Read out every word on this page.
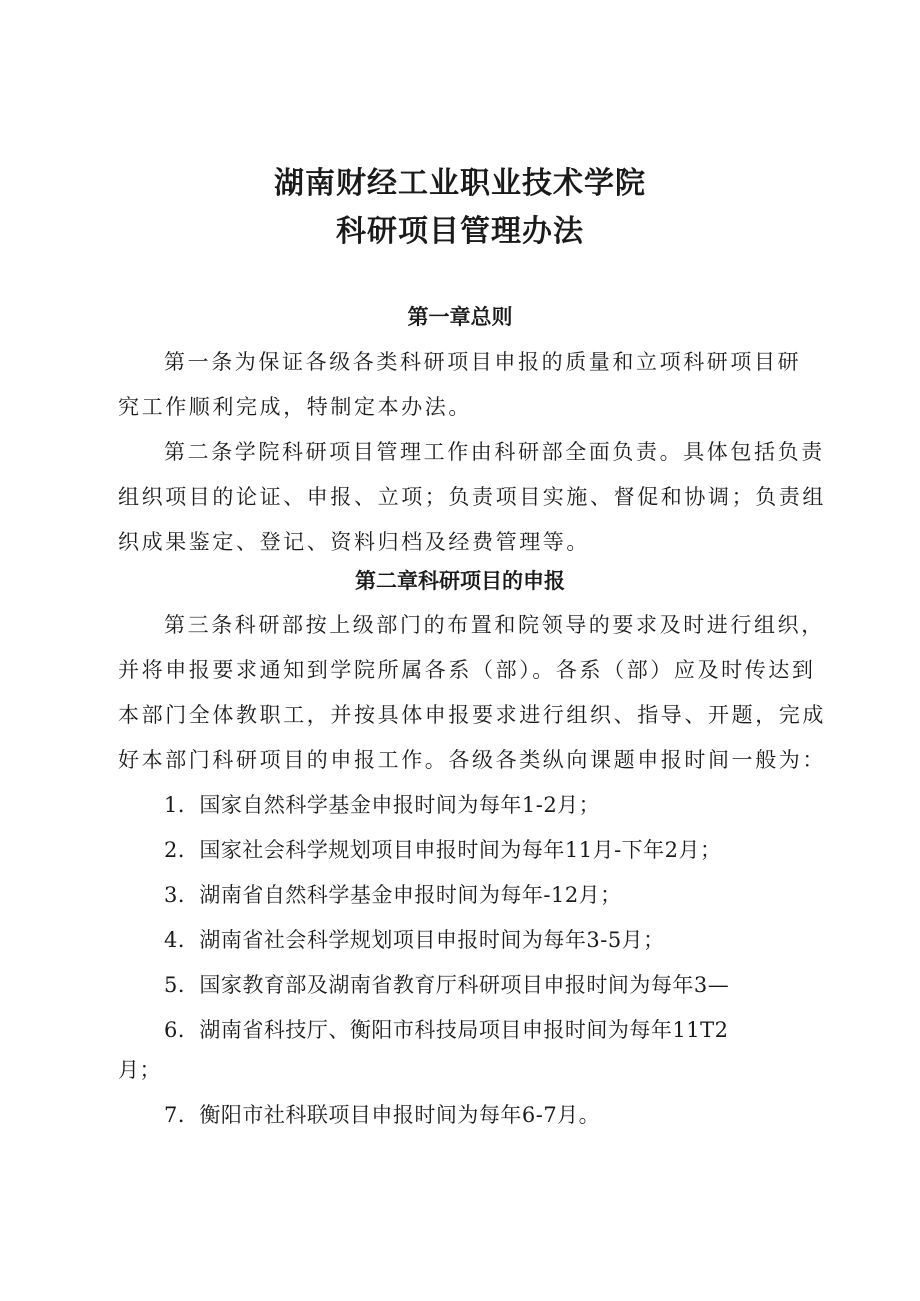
湖南财经工业职业技术学院
科研项目管理办法
第一章总则
第一条为保证各级各类科研项目申报的质量和立项科研项目研
究工作顺利完成，特制定本办法。
第二条学院科研项目管理工作由科研部全面负责。具体包括负责
组织项目的论证、申报、立项；负责项目实施、督促和协调；负责组
织成果鉴定、登记、资料归档及经费管理等。
第二章科研项目的申报
第三条科研部按上级部门的布置和院领导的要求及时进行组织，
并将申报要求通知到学院所属各系（部）。各系（部）应及时传达到
本部门全体教职工，并按具体申报要求进行组织、指导、开题，完成
好本部门科研项目的申报工作。各级各类纵向课题申报时间一般为：
1．国家自然科学基金申报时间为每年1-2月；
2．国家社会科学规划项目申报时间为每年11月-下年2月；
3．湖南省自然科学基金申报时间为每年-12月；
4．湖南省社会科学规划项目申报时间为每年3-5月；
5．国家教育部及湖南省教育厅科研项目申报时间为每年3—
6．湖南省科技厅、衡阳市科技局项目申报时间为每年11T2
月；
7．衡阳市社科联项目申报时间为每年6-7月。
